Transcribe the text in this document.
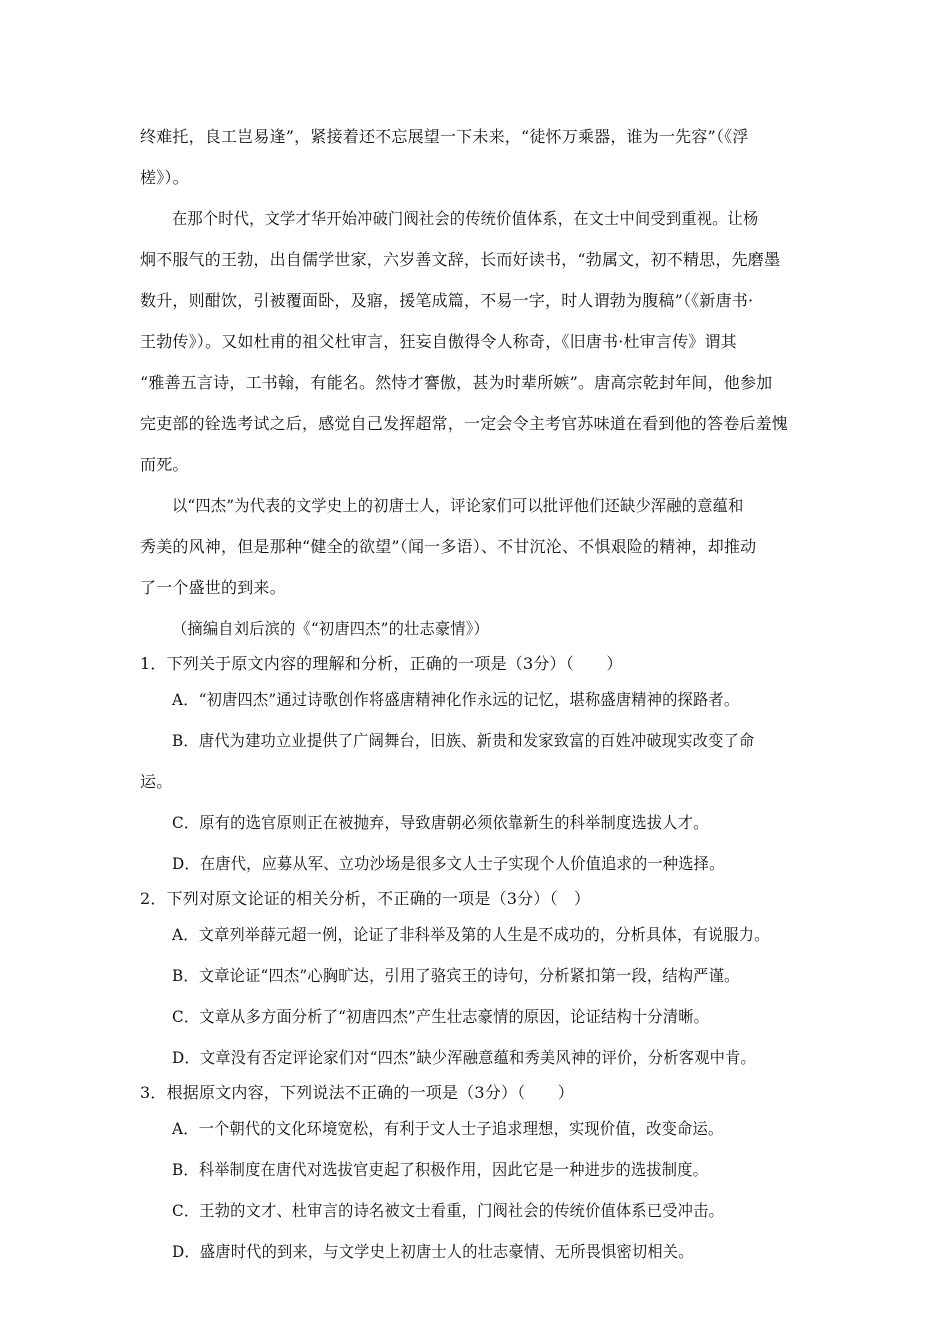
终难托，良工岂易逢”，紧接着还不忘展望一下未来，“徒怀万乘器，谁为一先容”（《浮
槎》）。
在那个时代，文学才华开始冲破门阀社会的传统价值体系，在文士中间受到重视。让杨
炯不服气的王勃，出自儒学世家，六岁善文辞，长而好读书，“勃属文，初不精思，先磨墨
数升，则酣饮，引被覆面卧，及寤，援笔成篇，不易一字，时人谓勃为腹稿”（《新唐书·
王勃传》）。又如杜甫的祖父杜审言，狂妄自傲得令人称奇，《旧唐书·杜审言传》谓其
“雅善五言诗，工书翰，有能名。然恃才謇傲，甚为时辈所嫉”。唐高宗乾封年间，他参加
完吏部的铨选考试之后，感觉自己发挥超常，一定会令主考官苏味道在看到他的答卷后羞愧
而死。
以“四杰”为代表的文学史上的初唐士人，评论家们可以批评他们还缺少浑融的意蕴和
秀美的风神，但是那种“健全的欲望”（闻一多语）、不甘沉沦、不惧艰险的精神，却推动
了一个盛世的到来。
（摘编自刘后滨的《“初唐四杰”的壮志豪情》）
1．下列关于原文内容的理解和分析，正确的一项是（3分）（　　）
A．“初唐四杰”通过诗歌创作将盛唐精神化作永远的记忆，堪称盛唐精神的探路者。
B．唐代为建功立业提供了广阔舞台，旧族、新贵和发家致富的百姓冲破现实改变了命
运。
C．原有的选官原则正在被抛弃，导致唐朝必须依靠新生的科举制度选拔人才。
D．在唐代，应募从军、立功沙场是很多文人士子实现个人价值追求的一种选择。
2．下列对原文论证的相关分析，不正确的一项是（3分）（　）
A．文章列举薛元超一例，论证了非科举及第的人生是不成功的，分析具体，有说服力。
B．文章论证“四杰”心胸旷达，引用了骆宾王的诗句，分析紧扣第一段，结构严谨。
C．文章从多方面分析了“初唐四杰”产生壮志豪情的原因，论证结构十分清晰。
D．文章没有否定评论家们对“四杰”缺少浑融意蕴和秀美风神的评价，分析客观中肯。
3．根据原文内容，下列说法不正确的一项是（3分）（　　）
A．一个朝代的文化环境宽松，有利于文人士子追求理想，实现价值，改变命运。
B．科举制度在唐代对选拔官吏起了积极作用，因此它是一种进步的选拔制度。
C．王勃的文才、杜审言的诗名被文士看重，门阀社会的传统价值体系已受冲击。
D．盛唐时代的到来，与文学史上初唐士人的壮志豪情、无所畏惧密切相关。
